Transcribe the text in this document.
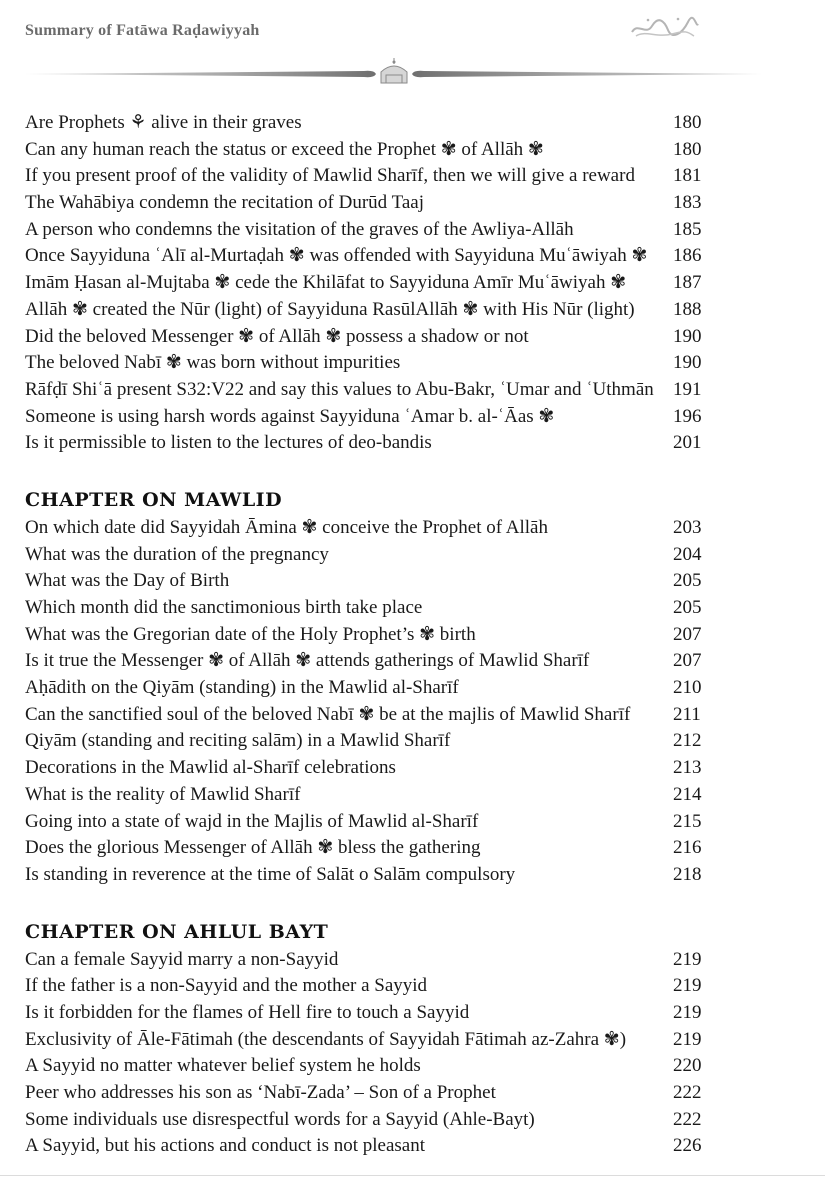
Summary of Fatāwa Raḍawiyyah
Are Prophets ⚘ alive in their graves	180
Can any human reach the status or exceed the Prophet ✾ of Allāh ✾	180
If you present proof of the validity of Mawlid Sharīf, then we will give a reward 181
The Wahābiya condemn the recitation of Durūd Taaj	183
A person who condemns the visitation of the graves of the Awliya-Allāh	185
Once Sayyiduna ʿAlī al-Murtaḍah ✾ was offended with Sayyiduna Muʿāwiyah ✾ 186
Imām Ḥasan al-Mujtaba ✾ cede the Khilāfat to Sayyiduna Amīr Muʿāwiyah ✾ 187
Allāh ✾ created the Nūr (light) of Sayyiduna RasūlAllāh ✾ with His Nūr (light) 188
Did the beloved Messenger ✾ of Allāh ✾ possess a shadow or not	190
The beloved Nabī ✾ was born without impurities	190
Rāfḍī Shiʿā present S32:V22 and say this values to Abu-Bakr, ʿUmar and ʿUthmān 191
Someone is using harsh words against Sayyiduna ʿAmar b. al-ʿĀas ✾	196
Is it permissible to listen to the lectures of deo-bandis	201
CHAPTER ON MAWLID
On which date did Sayyidah Āmina ✾ conceive the Prophet of Allāh	203
What was the duration of the pregnancy	204
What was the Day of Birth	205
Which month did the sanctimonious birth take place	205
What was the Gregorian date of the Holy Prophet’s ✾ birth	207
Is it true the Messenger ✾ of Allāh ✾ attends gatherings of Mawlid Sharīf	207
Aḥādith on the Qiyām (standing) in the Mawlid al-Sharīf	210
Can the sanctified soul of the beloved Nabī ✾ be at the majlis of Mawlid Sharīf 211
Qiyām (standing and reciting salām) in a Mawlid Sharīf	212
Decorations in the Mawlid al-Sharīf celebrations	213
What is the reality of Mawlid Sharīf	214
Going into a state of wajd in the Majlis of Mawlid al-Sharīf	215
Does the glorious Messenger of Allāh ✾ bless the gathering	216
Is standing in reverence at the time of Salāt o Salām compulsory	218
CHAPTER ON AHLUL BAYT
Can a female Sayyid marry a non-Sayyid	219
If the father is a non-Sayyid and the mother a Sayyid	219
Is it forbidden for the flames of Hell fire to touch a Sayyid	219
Exclusivity of Āle-Fātimah (the descendants of Sayyidah Fātimah az-Zahra ✾) 219
A Sayyid no matter whatever belief system he holds	220
Peer who addresses his son as ‘Nabī-Zada’ – Son of a Prophet	222
Some individuals use disrespectful words for a Sayyid (Ahle-Bayt)	222
A Sayyid, but his actions and conduct is not pleasant	226
